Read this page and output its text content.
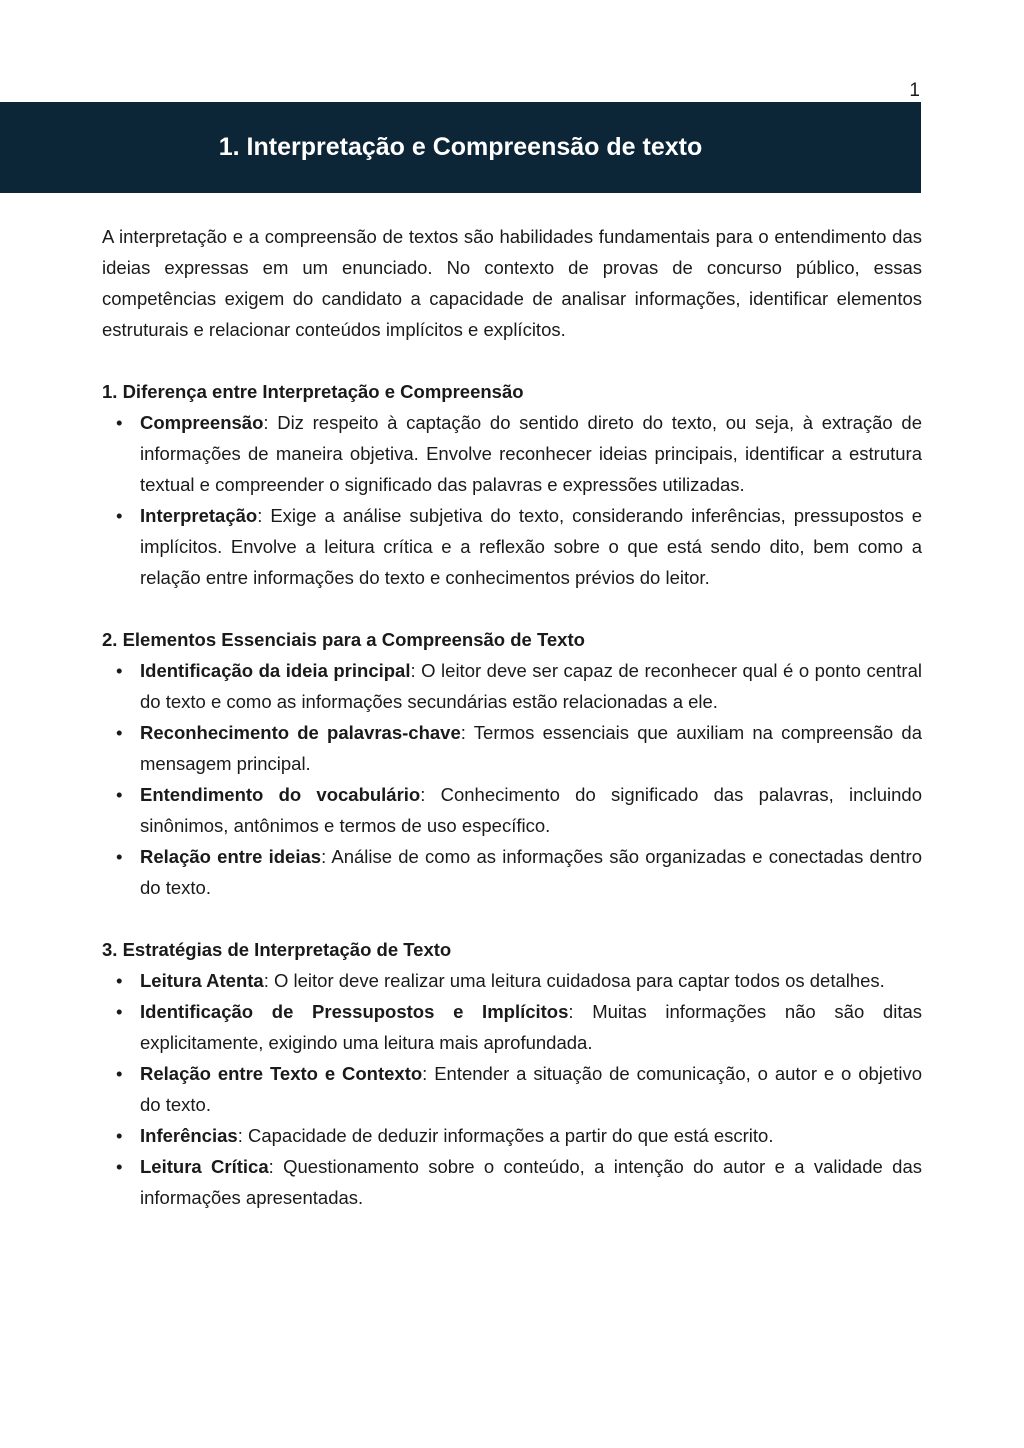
1
1. Interpretação e Compreensão de texto

A interpretação e a compreensão de textos são habilidades fundamentais para o entendimento das ideias expressas em um enunciado. No contexto de provas de concurso público, essas competências exigem do candidato a capacidade de analisar informações, identificar elementos estruturais e relacionar conteúdos implícitos e explícitos.

1. Diferença entre Interpretação e Compreensão
• Compreensão: Diz respeito à captação do sentido direto do texto, ou seja, à extração de informações de maneira objetiva. Envolve reconhecer ideias principais, identificar a estrutura textual e compreender o significado das palavras e expressões utilizadas.
• Interpretação: Exige a análise subjetiva do texto, considerando inferências, pressupostos e implícitos. Envolve a leitura crítica e a reflexão sobre o que está sendo dito, bem como a relação entre informações do texto e conhecimentos prévios do leitor.
2. Elementos Essenciais para a Compreensão de Texto
• Identificação da ideia principal: O leitor deve ser capaz de reconhecer qual é o ponto central do texto e como as informações secundárias estão relacionadas a ele.
• Reconhecimento de palavras-chave: Termos essenciais que auxiliam na compreensão da mensagem principal.
• Entendimento do vocabulário: Conhecimento do significado das palavras, incluindo sinônimos, antônimos e termos de uso específico.
• Relação entre ideias: Análise de como as informações são organizadas e conectadas dentro do texto.
3. Estratégias de Interpretação de Texto
• Leitura Atenta: O leitor deve realizar uma leitura cuidadosa para captar todos os detalhes.
• Identificação de Pressupostos e Implícitos: Muitas informações não são ditas explicitamente, exigindo uma leitura mais aprofundada.
• Relação entre Texto e Contexto: Entender a situação de comunicação, o autor e o objetivo do texto.
• Inferências: Capacidade de deduzir informações a partir do que está escrito.
• Leitura Crítica: Questionamento sobre o conteúdo, a intenção do autor e a validade das informações apresentadas.
